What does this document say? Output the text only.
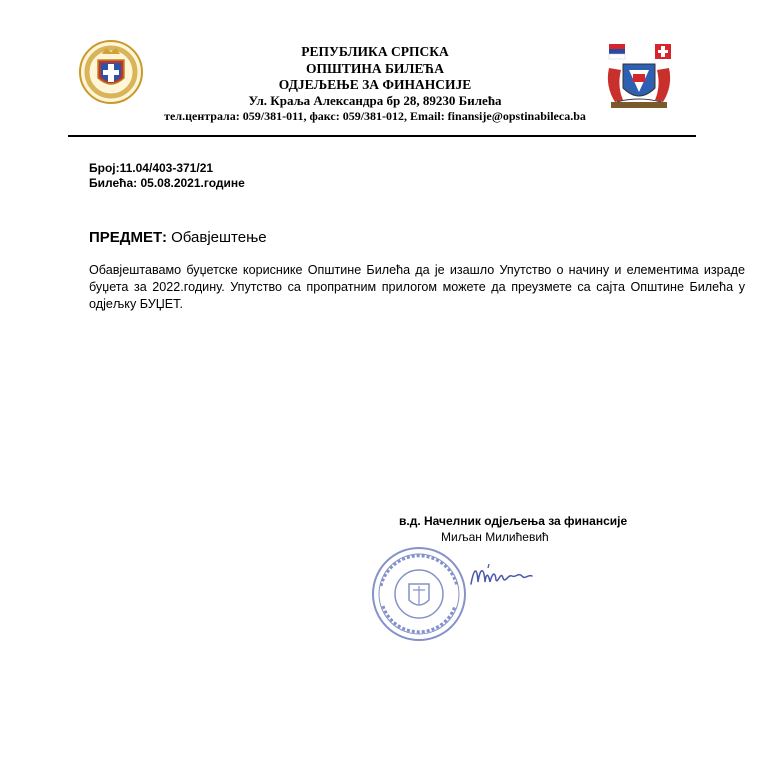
РЕПУБЛИКА СРПСКА
ОПШТИНА БИЛЕЋА
ОДЈЕЉЕЊЕ ЗА ФИНАНСИЈЕ
Ул. Краља Александра бр 28, 89230 Билећа
тел.централа: 059/381-011, факс: 059/381-012, Email: finansije@opstinabileca.ba
Број:11.04/403-371/21
Билећа: 05.08.2021.године
ПРЕДМЕТ: Обавјештење
Обавјештавамо буџетске кориснике Општине Билећа да је изашло Упутство о начину и елементима израде буџета за 2022.годину. Упутство са пропратним прилогом можете да преузмете са сајта Општине Билећа у одјељку БУЏЕТ.
в.д. Начелник одјељења за финансије
Миљан Милићевић
